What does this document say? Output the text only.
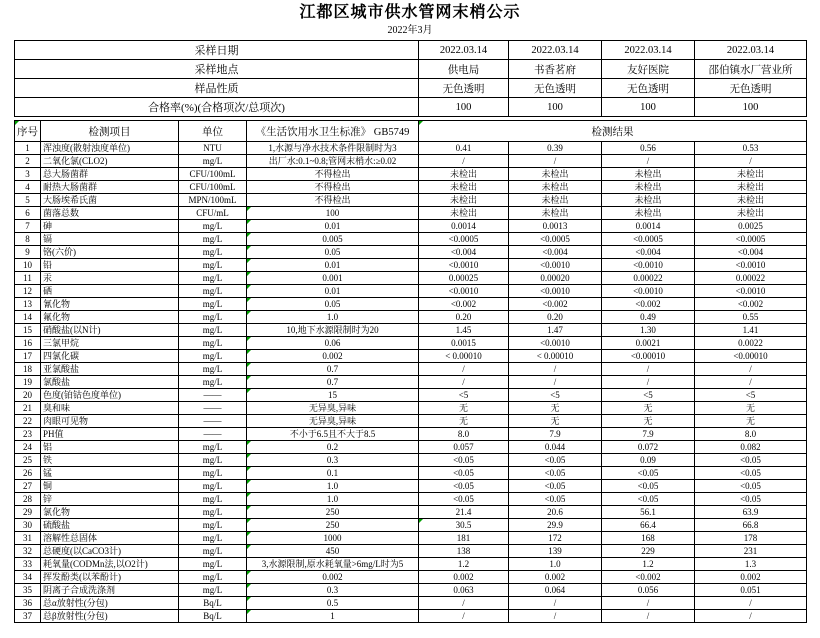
江都区城市供水管网末梢公示
2022年3月
采样日期	2022.03.14	2022.03.14	2022.03.14	2022.03.14
采样地点	供电局	书香茗府	友好医院	邵伯镇水厂营业所
样品性质	无色透明	无色透明	无色透明	无色透明
合格率(%)(合格项次/总项次)	100	100	100	100
序号	检测项目	单位	《生活饮用水卫生标准》 GB5749	检测结果			
1	浑浊度(散射浊度单位)	NTU	1,水源与净水技术条件限制时为3	0.41	0.39	0.56	0.53
2	二氧化氯(CLO2)	mg/L	出厂水:0.1~0.8;管网末梢水:≥0.02	/	/	/	/
3	总大肠菌群	CFU/100mL	不得检出	未检出	未检出	未检出	未检出
4	耐热大肠菌群	CFU/100mL	不得检出	未检出	未检出	未检出	未检出
5	大肠埃希氏菌	MPN/100mL	不得检出	未检出	未检出	未检出	未检出
6	菌落总数	CFU/mL	100	未检出	未检出	未检出	未检出
7	砷	mg/L	0.01	0.0014	0.0013	0.0014	0.0025
8	镉	mg/L	0.005	<0.0005	<0.0005	<0.0005	<0.0005
9	铬(六价)	mg/L	0.05	<0.004	<0.004	<0.004	<0.004
10	铅	mg/L	0.01	<0.0010	<0.0010	<0.0010	<0.0010
11	汞	mg/L	0.001	0.00025	0.00020	0.00022	0.00022
12	硒	mg/L	0.01	<0.0010	<0.0010	<0.0010	<0.0010
13	氰化物	mg/L	0.05	<0.002	<0.002	<0.002	<0.002
14	氟化物	mg/L	1.0	0.20	0.20	0.49	0.55
15	硝酸盐(以N计)	mg/L	10,地下水源限制时为20	1.45	1.47	1.30	1.41
16	三氯甲烷	mg/L	0.06	0.0015	<0.0010	0.0021	0.0022
17	四氯化碳	mg/L	0.002	< 0.00010	< 0.00010	<0.00010	<0.00010
18	亚氯酸盐	mg/L	0.7	/	/	/	/
19	氯酸盐	mg/L	0.7	/	/	/	/
20	色度(铂钴色度单位)	——	15	<5	<5	<5	<5
21	臭和味	——	无异臭,异味	无	无	无	无
22	肉眼可见物	——	无异臭,异味	无	无	无	无
23	PH值	——	不小于6.5且不大于8.5	8.0	7.9	7.9	8.0
24	铝	mg/L	0.2	0.057	0.044	0.072	0.082
25	铁	mg/L	0.3	<0.05	<0.05	0.09	<0.05
26	锰	mg/L	0.1	<0.05	<0.05	<0.05	<0.05
27	铜	mg/L	1.0	<0.05	<0.05	<0.05	<0.05
28	锌	mg/L	1.0	<0.05	<0.05	<0.05	<0.05
29	氯化物	mg/L	250	21.4	20.6	56.1	63.9
30	硫酸盐	mg/L	250	30.5	29.9	66.4	66.8
31	溶解性总固体	mg/L	1000	181	172	168	178
32	总硬度(以CaCO3计)	mg/L	450	138	139	229	231
33	耗氧量(CODMn法,以O2计)	mg/L	3,水源限制,原水耗氧量>6mg/L时为5	1.2	1.0	1.2	1.3
34	挥发酚类(以苯酚计)	mg/L	0.002	0.002	0.002	<0.002	0.002
35	阴离子合成洗涤剂	mg/L	0.3	0.063	0.064	0.056	0.051
36	总α放射性(分包)	Bq/L	0.5	/	/	/	/
37	总β放射性(分包)	Bq/L	1	/	/	/	/
